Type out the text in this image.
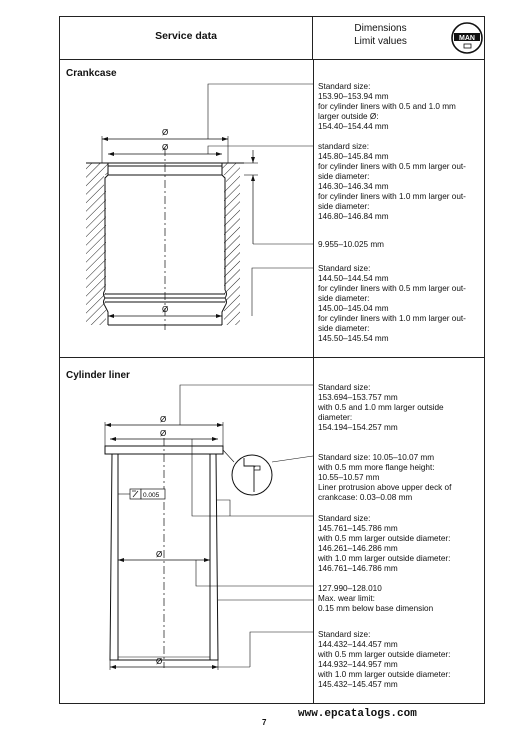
Service data
Dimensions
Limit values
Crankcase
Cylinder liner
Standard size:
153.90–153.94 mm
for cylinder liners with 0.5 and 1.0 mm
larger outside Ø:
154.40–154.44 mm
standard size:
145.80–145.84 mm
for cylinder liners with 0.5 mm larger out-
side diameter:
146.30–146.34 mm
for cylinder liners with 1.0 mm larger out-
side diameter:
146.80–146.84 mm
9.955–10.025 mm
Standard size:
144.50–144.54 mm
for cylinder liners with 0.5 mm larger out-
side diameter:
145.00–145.04 mm
for cylinder liners with 1.0 mm larger out-
side diameter:
145.50–145.54 mm
Standard size:
153.694–153.757 mm
with 0.5 and 1.0 mm larger outside
diameter:
154.194–154.257 mm
Standard size: 10.05–10.07 mm
with 0.5 mm more flange height:
10.55–10.57 mm
Liner protrusion above upper deck of
crankcase: 0.03–0.08 mm
Standard size:
145.761–145.786 mm
with 0.5 mm larger outside diameter:
146.261–146.286 mm
with 1.0 mm larger outside diameter:
146.761–146.786 mm
127.990–128.010
Max. wear limit:
0.15 mm below base dimension
Standard size:
144.432–144.457 mm
with 0.5 mm larger outside diameter:
144.932–144.957 mm
with 1.0 mm larger outside diameter:
145.432–145.457 mm
MAN
Ø
Ø
Ø
0.005
Ø
Ø
Ø
Ø
www.epcatalogs.com
7
